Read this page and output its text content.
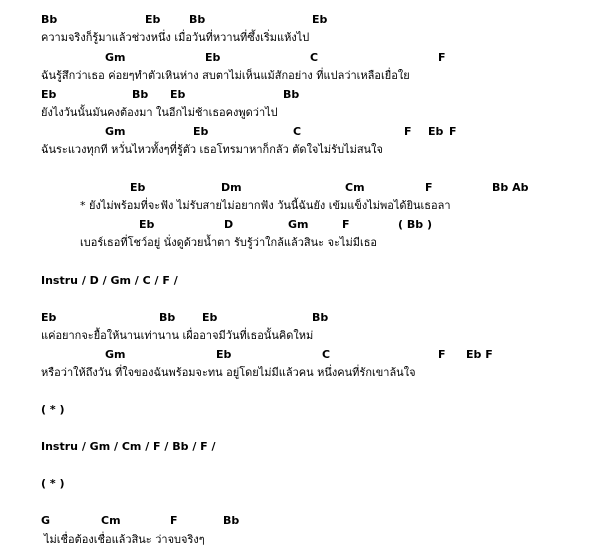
Bb	Eb	Bb	Eb
ความจริงก็รู้มาแล้วช่วงหนึ่ง เมื่อวันที่หวานที่ซึ้งเริ่มแห้งไป
Gm	Eb	C	F
ฉันรู้สึกว่าเธอ ค่อยๆทำตัวเหินห่าง สบตาไม่เห็นแม้สักอย่าง ที่แปลว่าเหลือเยื่อใย
Eb	Bb Eb	Bb
ยังไงวันนั้นมันคงต้องมา ในอีกไม่ช้าเธอคงพูดว่าไป
Gm	Eb	C	F Eb F
ฉันระแวงทุกที หวั่นไหวทั้งๆที่รู้ตัว เธอโทรมาหาก็กลัว ตัดใจไม่รับไม่สนใจ
Eb	Dm	Cm	F	Bb Ab
* ยังไม่พร้อมที่จะฟัง ไม่รับสายไม่อยากฟัง วันนี้ฉันยัง เข้มแข็งไม่พอได้ยินเธอลา
Eb	D	Gm	F	( Bb )
เบอร์เธอที่โชว์อยู่ นั่งดูด้วยน้ำตา รับรู้ว่าใกล้แล้วสินะ จะไม่มีเธอ
Instru / D / Gm / C / F /
Eb	Bb Eb	Bb
แค่อยากจะยื้อให้นานเท่านาน เผื่ออาจมีวันที่เธอนั้นคิดใหม่
Gm	Eb	C	F Eb F
หรือว่าให้ถึงวัน ที่ใจของฉันพร้อมจะทน อยู่โดยไม่มีแล้วคน หนึ่งคนที่รักเขาล้นใจ
( * )
Instru / Gm / Cm / F / Bb / F /
( * )
G	Cm	F	Bb
ไม่เชื่อต้องเชื่อแล้วสินะ ว่าจบจริงๆ
